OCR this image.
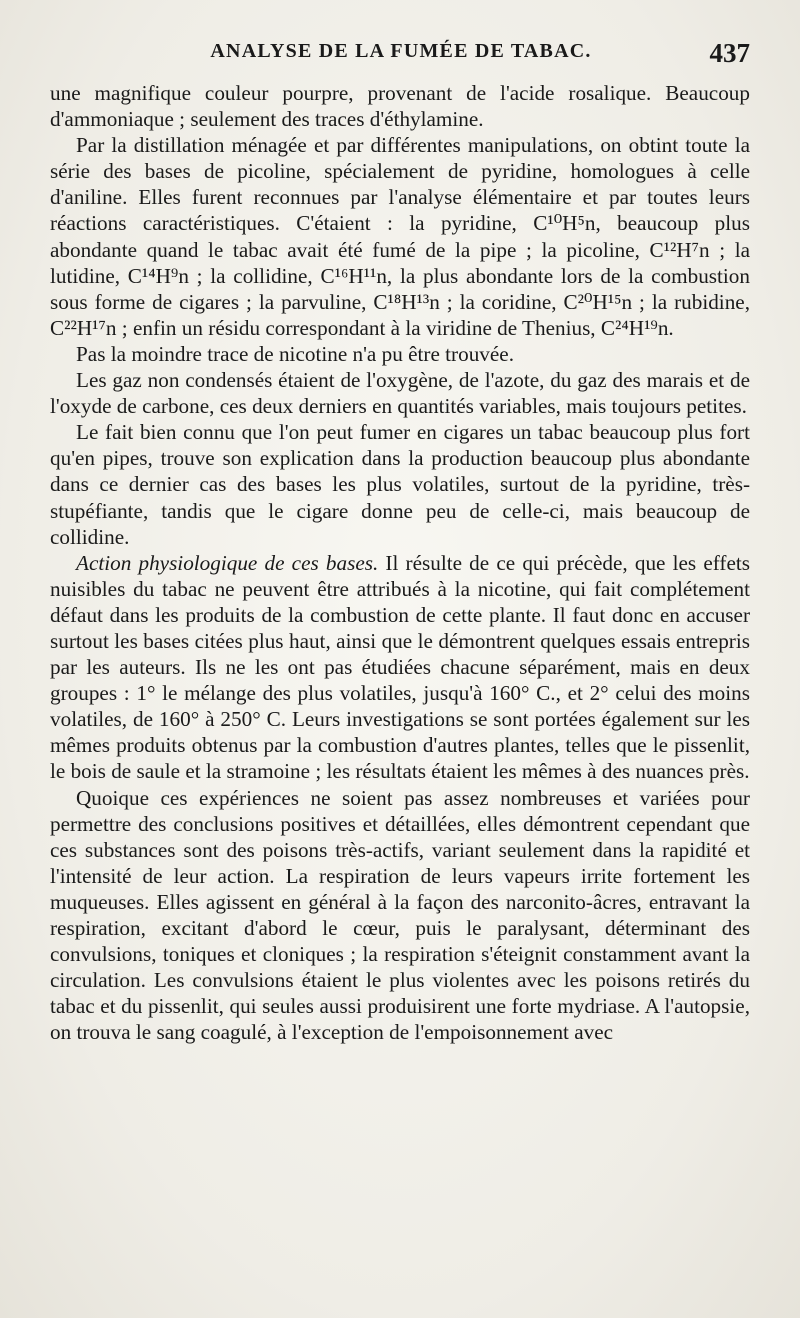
ANALYSE DE LA FUMÉE DE TABAC.	437

une magnifique couleur pourpre, provenant de l'acide rosalique. Beaucoup d'ammoniaque ; seulement des traces d'éthylamine.

Par la distillation ménagée et par différentes manipulations, on obtint toute la série des bases de picoline, spécialement de pyridine, homologues à celle d'aniline. Elles furent reconnues par l'analyse élémentaire et par toutes leurs réactions caractéristiques. C'étaient : la pyridine, C¹⁰H⁵n, beaucoup plus abondante quand le tabac avait été fumé de la pipe ; la picoline, C¹²H⁷n ; la lutidine, C¹⁴H⁹n ; la collidine, C¹⁶H¹¹n, la plus abondante lors de la combustion sous forme de cigares ; la parvuline, C¹⁸H¹³n ; la coridine, C²⁰H¹⁵n ; la rubidine, C²²H¹⁷n ; enfin un résidu correspondant à la viridine de Thenius, C²⁴H¹⁹n.

Pas la moindre trace de nicotine n'a pu être trouvée.

Les gaz non condensés étaient de l'oxygène, de l'azote, du gaz des marais et de l'oxyde de carbone, ces deux derniers en quantités variables, mais toujours petites.

Le fait bien connu que l'on peut fumer en cigares un tabac beaucoup plus fort qu'en pipes, trouve son explication dans la production beaucoup plus abondante dans ce dernier cas des bases les plus volatiles, surtout de la pyridine, très-stupéfiante, tandis que le cigare donne peu de celle-ci, mais beaucoup de collidine.

Action physiologique de ces bases. Il résulte de ce qui précède, que les effets nuisibles du tabac ne peuvent être attribués à la nicotine, qui fait complétement défaut dans les produits de la combustion de cette plante. Il faut donc en accuser surtout les bases citées plus haut, ainsi que le démontrent quelques essais entrepris par les auteurs. Ils ne les ont pas étudiées chacune séparément, mais en deux groupes : 1° le mélange des plus volatiles, jusqu'à 160° C., et 2° celui des moins volatiles, de 160° à 250° C. Leurs investigations se sont portées également sur les mêmes produits obtenus par la combustion d'autres plantes, telles que le pissenlit, le bois de saule et la stramoine ; les résultats étaient les mêmes à des nuances près.

Quoique ces expériences ne soient pas assez nombreuses et variées pour permettre des conclusions positives et détaillées, elles démontrent cependant que ces substances sont des poisons très-actifs, variant seulement dans la rapidité et l'intensité de leur action. La respiration de leurs vapeurs irrite fortement les muqueuses. Elles agissent en général à la façon des narconito-âcres, entravant la respiration, excitant d'abord le cœur, puis le paralysant, déterminant des convulsions, toniques et cloniques ; la respiration s'éteignit constamment avant la circulation. Les convulsions étaient le plus violentes avec les poisons retirés du tabac et du pissenlit, qui seules aussi produisirent une forte mydriase. A l'autopsie, on trouva le sang coagulé, à l'exception de l'empoisonnement avec
